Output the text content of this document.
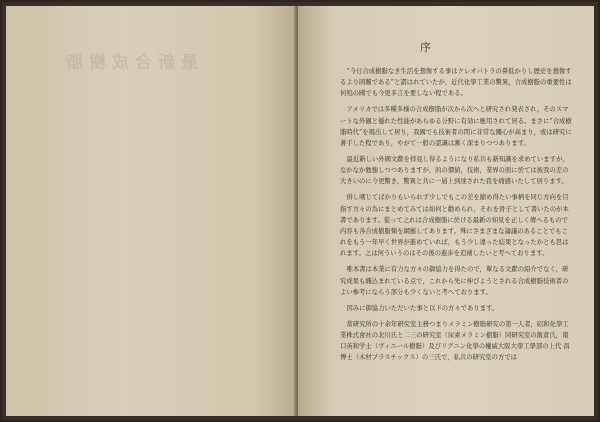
最新合成樹脂
序
“今日合成樹脂なき生活を想像する事はクレオパトラの鼻低かりし歴史を想像するより困難である”と謂はれていたが，近代化學工業の驚異，合成樹脂の重要性は何処の國でも今更多言を要しない程である。
アメリカでは多種多様の合成樹脂が次から次へと研究され発表され，そのスマートな外観と優れた性能があらゆる分野に有効に應用されて居る。まさに“合成樹脂時代”を現出して居り，我國でも技術者の間に非常な關心が高まり，或は研究に著手した程であり，やがて一般の認識は漸く深まりつつあります。
最近新しい外國文獻を拝見し得るようになり私共も新知識を求めていますが，なかなか勉強しつつありますが，的の價値，技術，業界の面に於ては彼我の差の大きいのに今更驚き，驚異と共に一層上到達された我を痛感いたして居ります。
併し嘆じてばかりもいられず少しでもこの差を縮め得たい事柄を同じ方向を目指す方々の為にまとめてみては如何と勸められ，それを骨子として書いたのが本書であります。從って之れは合成樹脂に於ける最新の知見を正しく傳へるもので内容も各合成樹脂類を網羅してあります。殊にさまざまな論議のあることでもこれをもう一年早く世界が進めていれば，もう少し違った結果となったかとも思はれます。之は何ういうのはその後の進歩を追補したいと考へております。
唯本書は本業に有力な方々の御協力を得たので，單なる文獻の紹介でなく，研究成果も織込まれている点で，これから先に伸びようとされる合成樹脂技術者のよい参考にならう部分も少くないと考へております。
因みに御協力いただいた事と以下の方々であります。
當研究所の十余年研究室主務つまりメラミン樹脂研究の第一人者，昭和化學工業株式會社の北川氏と二三の研究室（尿素メラミン樹脂）同研究室の飯倉氏，南口英和学士（ヴィニール樹脂）及びリグニン化學の權威大阪大學工學部の上代 昌博士（木材プラスチックス）の三氏で，私共の研究室の方では
